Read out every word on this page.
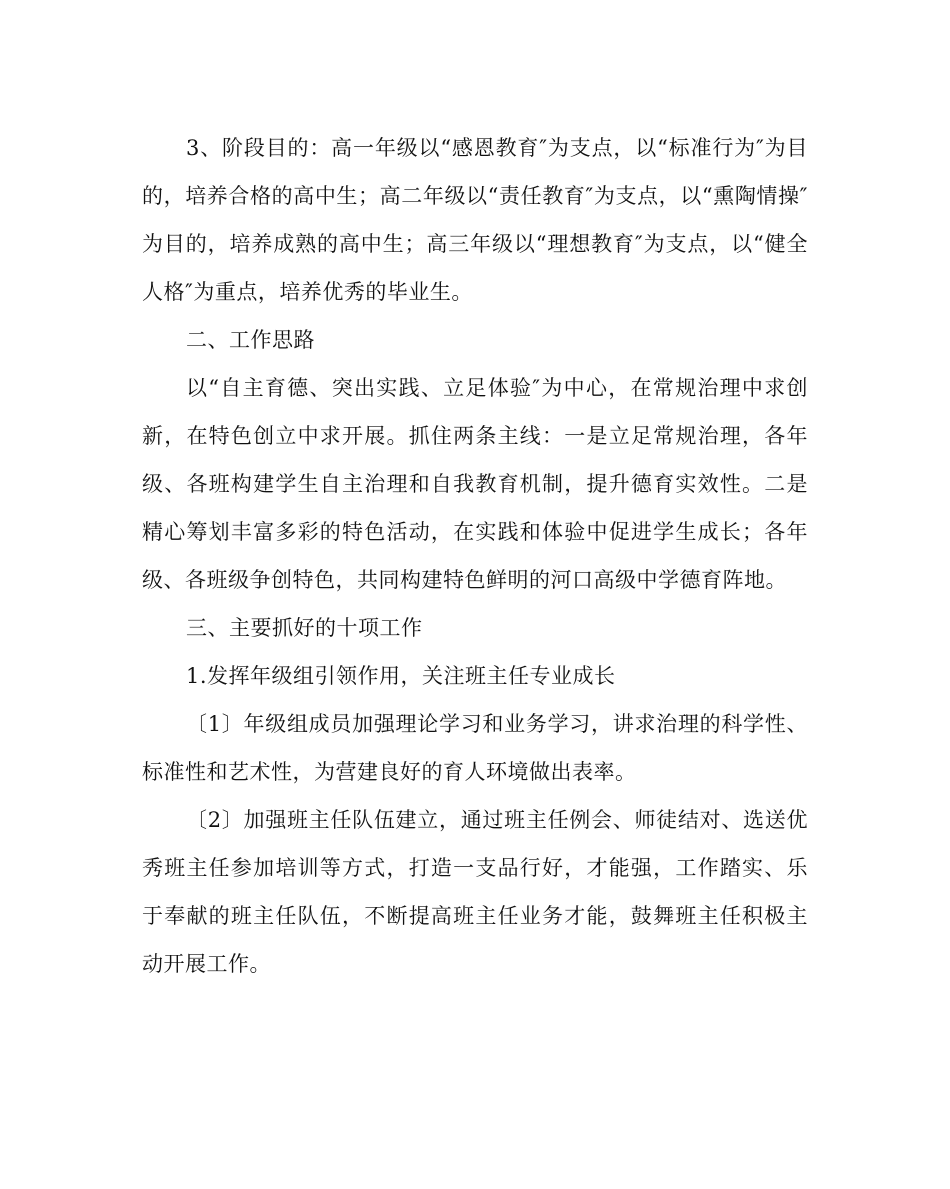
3、阶段目的：高一年级以“感恩教育″为支点，以“标准行为″为目的，培养合格的高中生；高二年级以“责任教育″为支点，以“熏陶情操″为目的，培养成熟的高中生；高三年级以“理想教育″为支点，以“健全人格″为重点，培养优秀的毕业生。

二、工作思路

以“自主育德、突出实践、立足体验″为中心，在常规治理中求创新，在特色创立中求开展。抓住两条主线：一是立足常规治理，各年级、各班构建学生自主治理和自我教育机制，提升德育实效性。二是精心筹划丰富多彩的特色活动，在实践和体验中促进学生成长；各年级、各班级争创特色，共同构建特色鲜明的河口高级中学德育阵地。

三、主要抓好的十项工作

1.发挥年级组引领作用，关注班主任专业成长

〔1〕年级组成员加强理论学习和业务学习，讲求治理的科学性、标准性和艺术性，为营建良好的育人环境做出表率。

〔2〕加强班主任队伍建立，通过班主任例会、师徒结对、选送优秀班主任参加培训等方式，打造一支品行好，才能强，工作踏实、乐于奉献的班主任队伍，不断提高班主任业务才能，鼓舞班主任积极主动开展工作。
